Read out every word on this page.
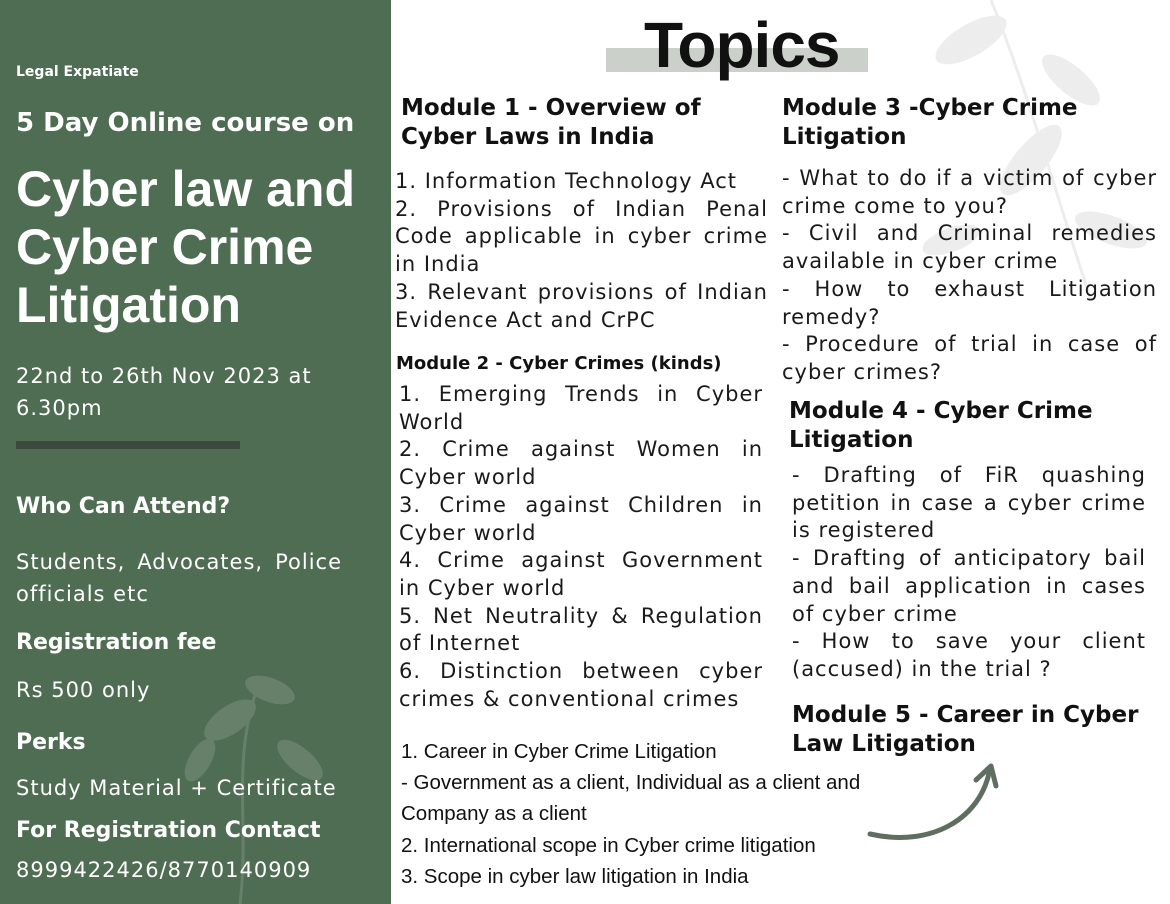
Legal Expatiate
5 Day Online course on
Cyber law and Cyber Crime Litigation
22nd to 26th Nov 2023 at 6.30pm
Who Can Attend?
Students, Advocates, Police officials etc
Registration fee
Rs 500 only
Perks
Study Material + Certificate
For Registration Contact
8999422426/8770140909
Topics
Module 1 - Overview of Cyber Laws in India
1. Information Technology Act
2. Provisions of Indian Penal Code applicable in cyber crime in India
3. Relevant provisions of Indian Evidence Act and CrPC
Module 2 - Cyber Crimes (kinds)
1. Emerging Trends in Cyber World
2. Crime against Women in Cyber world
3. Crime against Children in Cyber world
4. Crime against Government in Cyber world
5. Net Neutrality & Regulation of Internet
6. Distinction between cyber crimes & conventional crimes
Module 3 -Cyber Crime Litigation
- What to do if a victim of cyber crime come to you?
- Civil and Criminal remedies available in cyber crime
- How to exhaust Litigation remedy?
- Procedure of trial in case of cyber crimes?
Module 4 - Cyber Crime Litigation
- Drafting of FiR quashing petition in case a cyber crime is registered
- Drafting of anticipatory bail and bail application in cases of cyber crime
- How to save your client (accused) in the trial ?
Module 5 - Career in Cyber Law Litigation
1. Career in Cyber Crime Litigation
- Government as a client, Individual as a client and Company as a client
2. International scope in Cyber crime litigation
3. Scope in cyber law litigation in India
